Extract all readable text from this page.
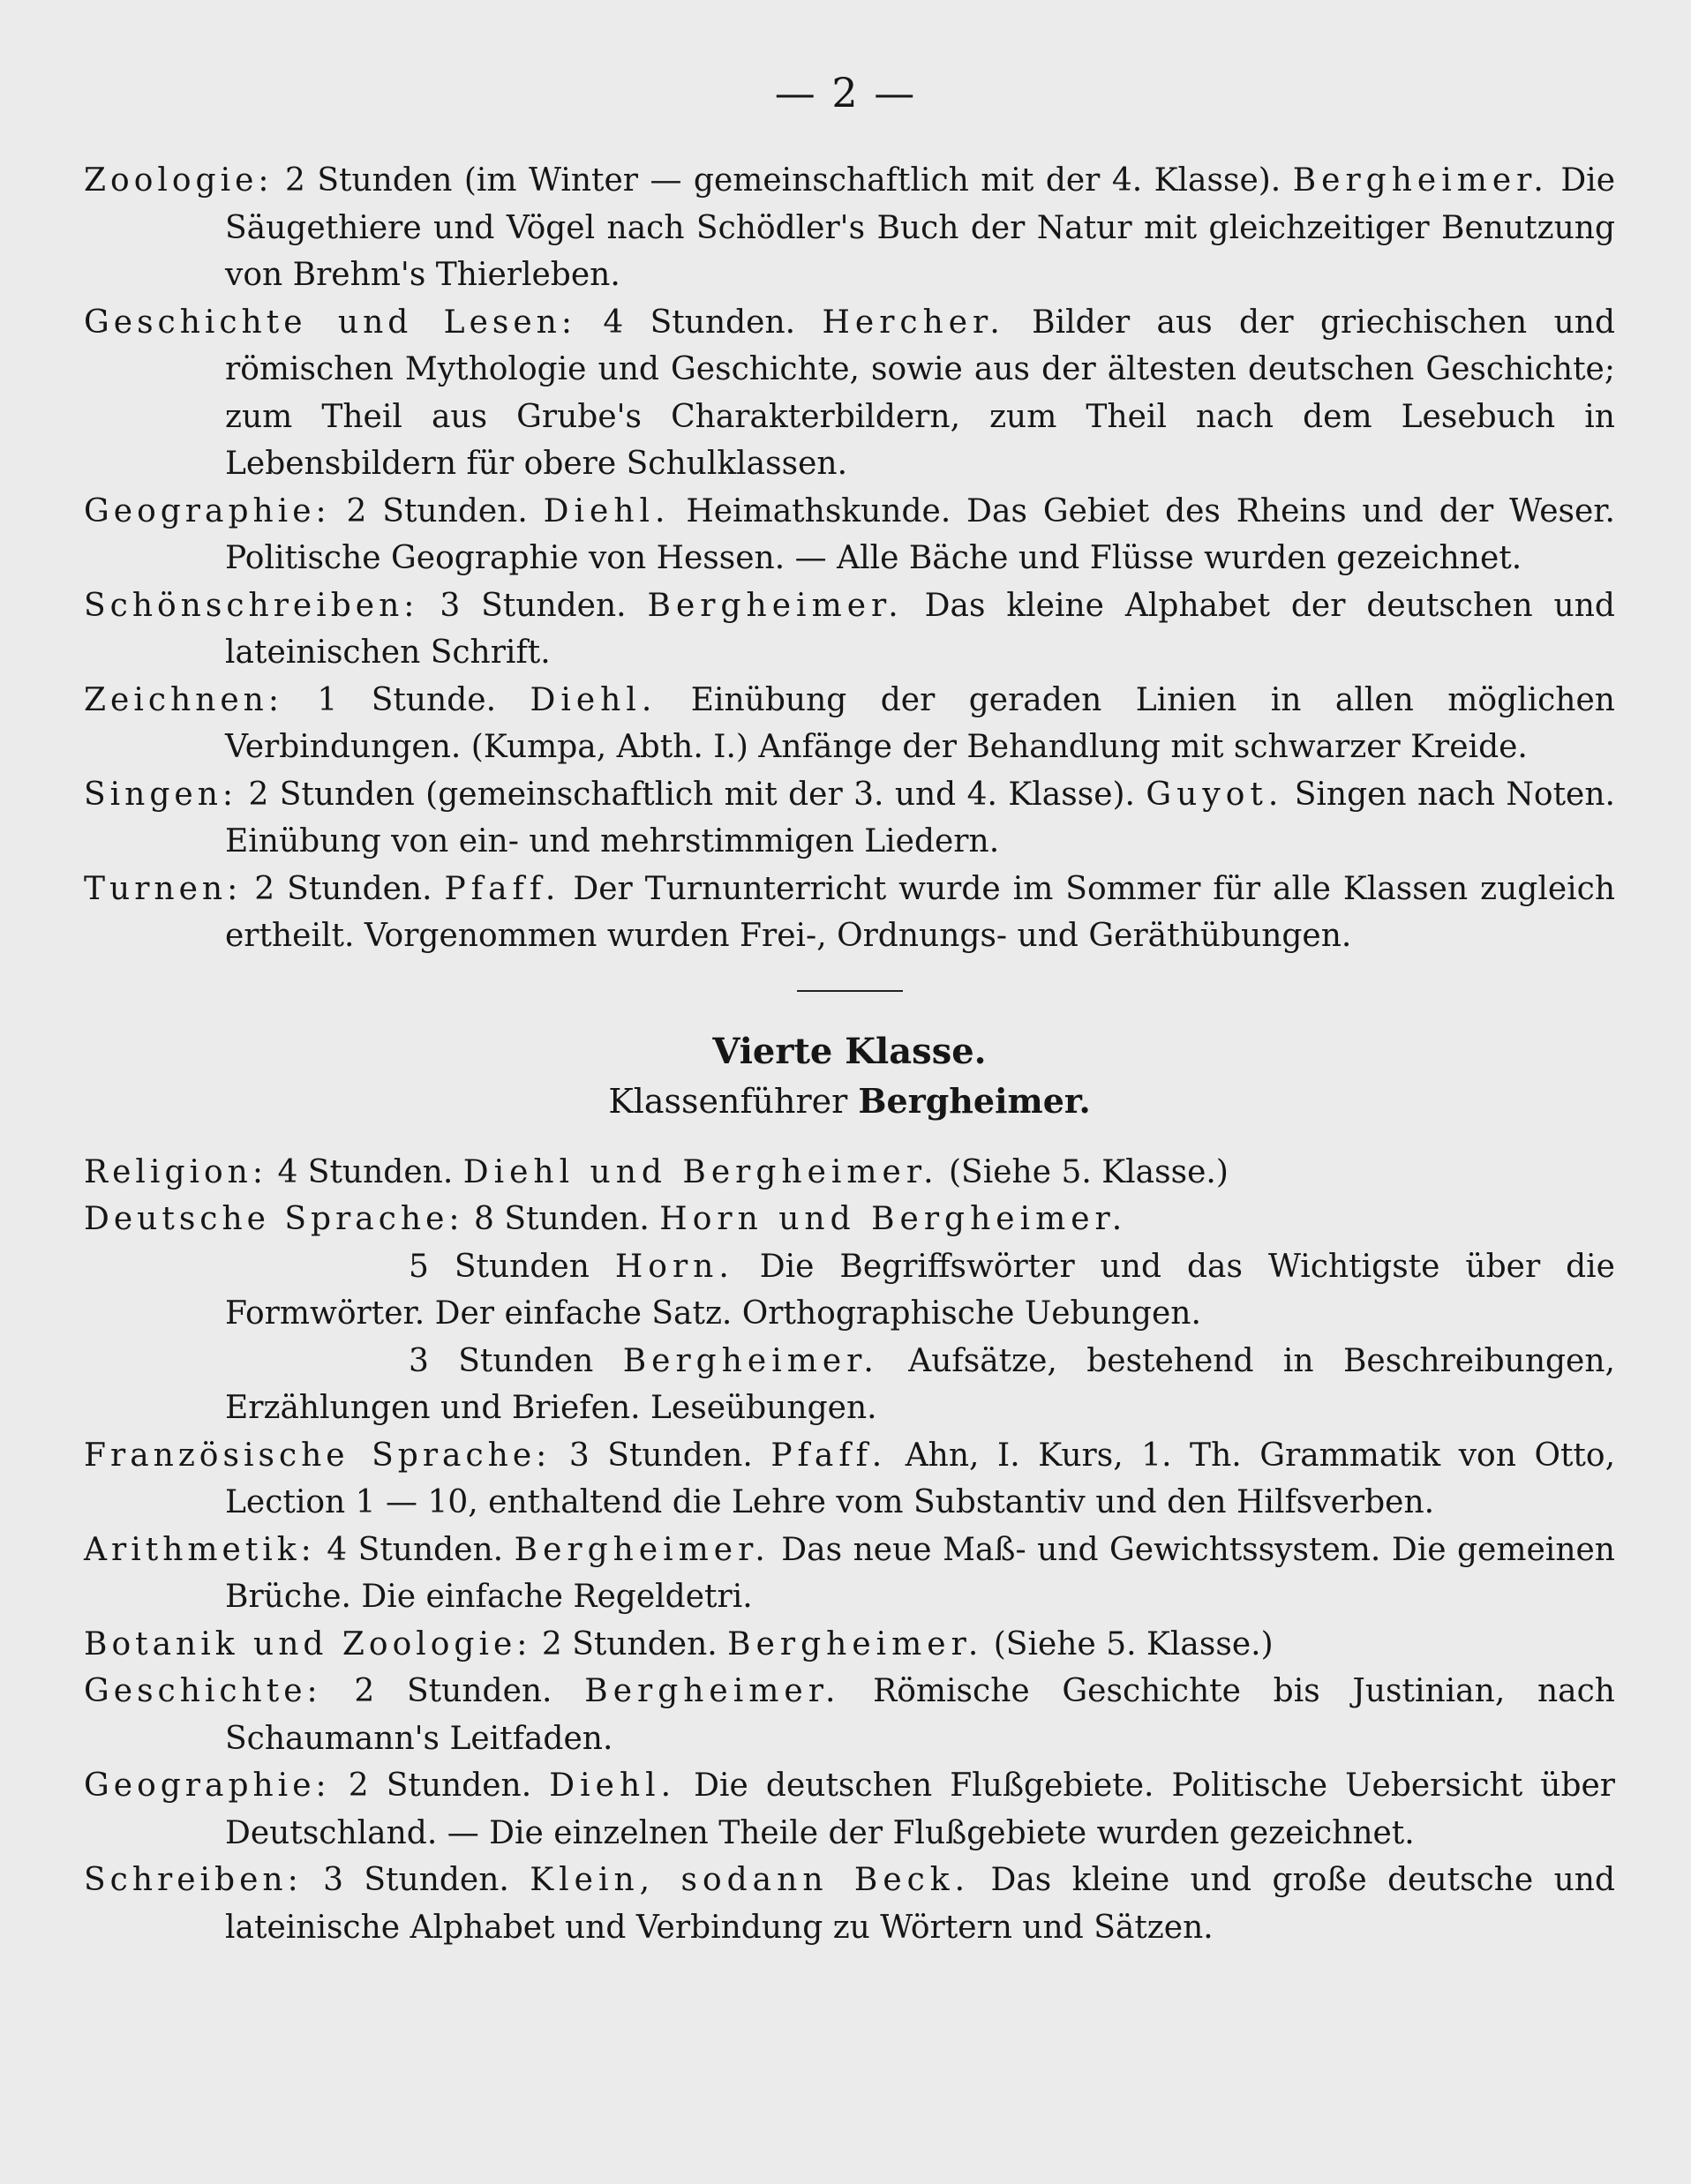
— 2 —
Zoologie: 2 Stunden (im Winter — gemeinschaftlich mit der 4. Klasse). Bergheimer. Die Säugethiere und Vögel nach Schödler's Buch der Natur mit gleichzeitiger Benutzung von Brehm's Thierleben.
Geschichte und Lesen: 4 Stunden. Hercher. Bilder aus der griechischen und römischen Mythologie und Geschichte, sowie aus der ältesten deutschen Geschichte; zum Theil aus Grube's Charakterbildern, zum Theil nach dem Lesebuch in Lebensbildern für obere Schulklassen.
Geographie: 2 Stunden. Diehl. Heimathskunde. Das Gebiet des Rheins und der Weser. Politische Geographie von Hessen. — Alle Bäche und Flüsse wurden gezeichnet.
Schönschreiben: 3 Stunden. Bergheimer. Das kleine Alphabet der deutschen und lateinischen Schrift.
Zeichnen: 1 Stunde. Diehl. Einübung der geraden Linien in allen möglichen Verbindungen. (Kumpa, Abth. I.) Anfänge der Behandlung mit schwarzer Kreide.
Singen: 2 Stunden (gemeinschaftlich mit der 3. und 4. Klasse). Guyot. Singen nach Noten. Einübung von ein- und mehrstimmigen Liedern.
Turnen: 2 Stunden. Pfaff. Der Turnunterricht wurde im Sommer für alle Klassen zugleich ertheilt. Vorgenommen wurden Frei-, Ordnungs- und Geräthübungen.
Vierte Klasse.
Klassenführer Bergheimer.
Religion: 4 Stunden. Diehl und Bergheimer. (Siehe 5. Klasse.)
Deutsche Sprache: 8 Stunden. Horn und Bergheimer.
5 Stunden Horn. Die Begriffswörter und das Wichtigste über die Formwörter. Der einfache Satz. Orthographische Uebungen.
3 Stunden Bergheimer. Aufsätze, bestehend in Beschreibungen, Erzählungen und Briefen. Leseübungen.
Französische Sprache: 3 Stunden. Pfaff. Ahn, I. Kurs, 1. Th. Grammatik von Otto, Lection 1 — 10, enthaltend die Lehre vom Substantiv und den Hilfsverben.
Arithmetik: 4 Stunden. Bergheimer. Das neue Maß- und Gewichtssystem. Die gemeinen Brüche. Die einfache Regeldetri.
Botanik und Zoologie: 2 Stunden. Bergheimer. (Siehe 5. Klasse.)
Geschichte: 2 Stunden. Bergheimer. Römische Geschichte bis Justinian, nach Schaumann's Leitfaden.
Geographie: 2 Stunden. Diehl. Die deutschen Flußgebiete. Politische Uebersicht über Deutschland. — Die einzelnen Theile der Flußgebiete wurden gezeichnet.
Schreiben: 3 Stunden. Klein, sodann Beck. Das kleine und große deutsche und lateinische Alphabet und Verbindung zu Wörtern und Sätzen.
